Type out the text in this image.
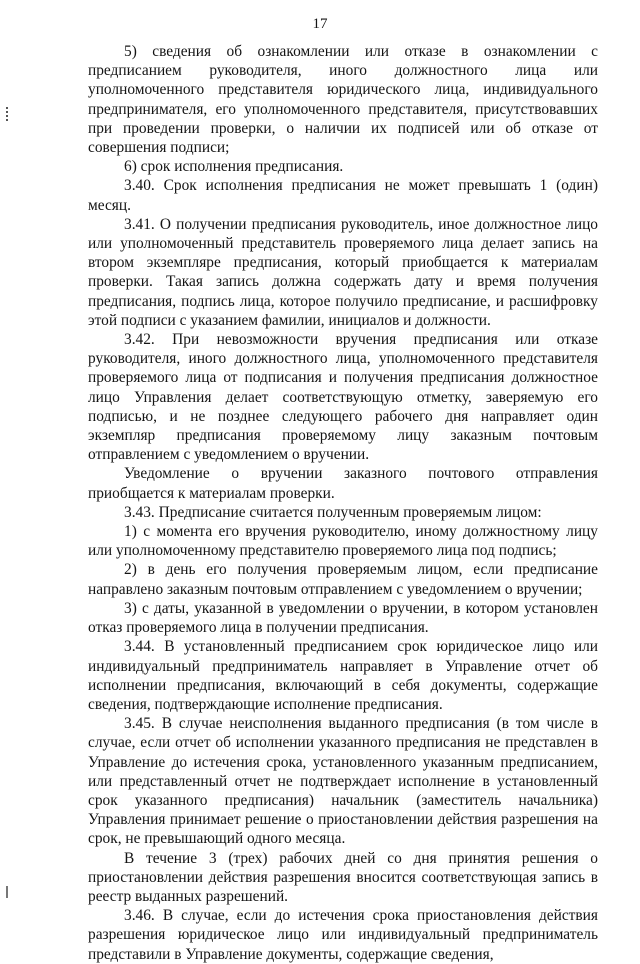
17

5) сведения об ознакомлении или отказе в ознакомлении с предписанием руководителя, иного должностного лица или уполномоченного представителя юридического лица, индивидуального предпринимателя, его уполномоченного представителя, присутствовавших при проведении проверки, о наличии их подписей или об отказе от совершения подписи;

6) срок исполнения предписания.

3.40. Срок исполнения предписания не может превышать 1 (один) месяц.

3.41. О получении предписания руководитель, иное должностное лицо или уполномоченный представитель проверяемого лица делает запись на втором экземпляре предписания, который приобщается к материалам проверки. Такая запись должна содержать дату и время получения предписания, подпись лица, которое получило предписание, и расшифровку этой подписи с указанием фамилии, инициалов и должности.

3.42. При невозможности вручения предписания или отказе руководителя, иного должностного лица, уполномоченного представителя проверяемого лица от подписания и получения предписания должностное лицо Управления делает соответствующую отметку, заверяемую его подписью, и не позднее следующего рабочего дня направляет один экземпляр предписания проверяемому лицу заказным почтовым отправлением с уведомлением о вручении.

Уведомление о вручении заказного почтового отправления приобщается к материалам проверки.

3.43. Предписание считается полученным проверяемым лицом:

1) с момента его вручения руководителю, иному должностному лицу или уполномоченному представителю проверяемого лица под подпись;

2) в день его получения проверяемым лицом, если предписание направлено заказным почтовым отправлением с уведомлением о вручении;

3) с даты, указанной в уведомлении о вручении, в котором установлен отказ проверяемого лица в получении предписания.

3.44. В установленный предписанием срок юридическое лицо или индивидуальный предприниматель направляет в Управление отчет об исполнении предписания, включающий в себя документы, содержащие сведения, подтверждающие исполнение предписания.

3.45. В случае неисполнения выданного предписания (в том числе в случае, если отчет об исполнении указанного предписания не представлен в Управление до истечения срока, установленного указанным предписанием, или представленный отчет не подтверждает исполнение в установленный срок указанного предписания) начальник (заместитель начальника) Управления принимает решение о приостановлении действия разрешения на срок, не превышающий одного месяца.

В течение 3 (трех) рабочих дней со дня принятия решения о приостановлении действия разрешения вносится соответствующая запись в реестр выданных разрешений.

3.46. В случае, если до истечения срока приостановления действия разрешения юридическое лицо или индивидуальный предприниматель представили в Управление документы, содержащие сведения,
